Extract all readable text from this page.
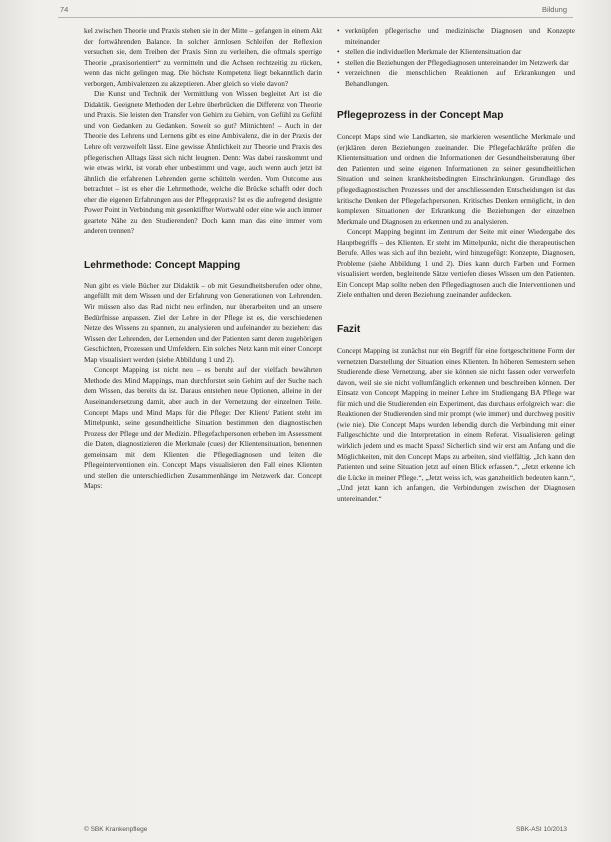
74	Bildung

kel zwischen Theorie und Praxis stehen sie in der Mitte – gefangen in einem Akt der fortwährenden Balance. In solcher ärmlosen Schleifen der Reflexion versuchen sie, dem Treiben der Praxis Sinn zu verleihen, die oftmals sperrige Theorie „praxisorientiert“ zu vermitteln und die Achsen rechtzeitig zu rücken, wenn das nicht gelingen mag. Die höchste Kompetenz liegt bekanntlich darin verborgen, Ambivalenzen zu akzeptieren. Aber gleich so viele davon?

Die Kunst und Technik der Vermittlung von Wissen begleitet Art ist die Didaktik. Geeignete Methoden der Lehre überbrücken die Differenz von Theorie und Praxis. Sie leisten den Transfer von Gehirn zu Gehirn, von Gefühl zu Gefühl und von Gedanken zu Gedanken. Soweit so gut? Mitnichten! – Auch in der Theorie des Lehrens und Lernens gibt es eine Ambivalenz, die in der Praxis der Lehre oft verzweifelt lässt. Eine gewisse Ähnlichkeit zur Theorie und Praxis des pflegerischen Alltags lässt sich nicht leugnen. Denn: Was dabei rauskommt und wie etwas wirkt, ist vorab eher unbestimmt und vage, auch wenn auch jetzt ist ähnlich die erfahrenen Lehrenden gerne schütteln werden. Vom Outcome aus betrachtet – ist es eher die Lehrmethode, welche die Brücke schafft oder doch eher die eigenen Erfahrungen aus der Pflegepraxis? Ist es die aufregend designte Power Point in Verbindung mit gesenktiffter Wortwahl oder eine wie auch immer geartete Nähe zu den Studierenden? Doch kann man das eine immer vom anderen trennen?

Lehrmethode: Concept Mapping

Nun gibt es viele Bücher zur Didaktik – ob mit Gesundheitsberufen oder ohne, angefüllt mit dem Wissen und der Erfahrung von Generationen von Lehrenden. Wir müssen also das Rad nicht neu erfinden, nur überarbeiten und an unsere Bedürfnisse anpassen. Ziel der Lehre in der Pflege ist es, die verschiedenen Netze des Wissens zu spannen, zu analysieren und aufeinander zu beziehen: das Wissen der Lehrenden, der Lernenden und der Patienten samt deren zugehörigen Geschichten, Prozessen und Umfeldern. Ein solches Netz kann mit einer Concept Map visualisiert werden (siehe Abbildung 1 und 2).

Concept Mapping ist nicht neu – es beruht auf der vielfach bewährten Methode des Mind Mappings, man durchforstet sein Gehirn auf der Suche nach dem Wissen, das bereits da ist. Daraus entstehen neue Optionen, alleine in der Auseinandersetzung damit, aber auch in der Vernetzung der einzelnen Teile. Concept Maps und Mind Maps für die Pflege: Der Klient/ Patient steht im Mittelpunkt, seine gesundheitliche Situation bestimmen den diagnostischen Prozess der Pflege und der Medizin. Pflegefachpersonen erheben im Assessment die Daten, diagnostizieren die Merkmale (cues) der Klientensituation, benennen gemeinsam mit dem Klienten die Pflegediagnosen und leiten die Pflegeinterventionen ein. Concept Maps visualisieren den Fall eines Klienten und stellen die unterschiedlichen Zusammenhänge im Netzwerk dar. Concept Maps:

• verknüpfen pflegerische und medizinische Diagnosen und Konzepte miteinander
• stellen die individuellen Merkmale der Klientensituation dar
• stellen die Beziehungen der Pflegediagnosen untereinander im Netzwerk dar
• verzeichnen die menschlichen Reaktionen auf Erkrankungen und Behandlungen.
Pflegeprozess in der Concept Map

Concept Maps sind wie Landkarten, sie markieren wesentliche Merkmale und (er)klären deren Beziehungen zueinander. Die Pflegefachkräfte prüfen die Klientensituation und ordnen die Informationen der Gesundheitsberatung über den Patienten und seine eigenen Informationen zu seiner gesundheitlichen Situation und seinen krankheitsbedingten Einschränkungen. Grundlage des pflegediagnostischen Prozesses und der anschliessenden Entscheidungen ist das kritische Denken der Pflegefachpersonen. Kritisches Denken ermöglicht, in den komplexen Situationen der Erkrankung die Beziehungen der einzelnen Merkmale und Diagnosen zu erkennen und zu analysieren.

Concept Mapping beginnt im Zentrum der Seite mit einer Wiedergabe des Hauptbegriffs – des Klienten. Er steht im Mittelpunkt, nicht die therapeutischen Berufe. Alles was sich auf ihn bezieht, wird hinzugefügt: Konzepte, Diagnosen, Probleme (siehe Abbildung 1 und 2). Dies kann durch Farben und Formen visualisiert werden, begleitende Sätze vertiefen dieses Wissen um den Patienten. Ein Concept Map sollte neben den Pflegediagnosen auch die Interventionen und Ziele enthalten und deren Beziehung zueinander aufdecken.

Fazit

Concept Mapping ist zunächst nur ein Begriff für eine fortgeschrittene Form der vernetzten Darstellung der Situation eines Klienten. In höheren Semestern sehen Studierende diese Vernetzung, aber sie können sie nicht fassen oder verwerfeln davon, weil sie sie nicht vollumfänglich erkennen und beschreiben können. Der Einsatz von Concept Mapping in meiner Lehre im Studiengang BA Pflege war für mich und die Studierenden ein Experiment, das durchaus erfolgreich war: die Reaktionen der Studierenden sind mir prompt (wie immer) und durchweg positiv (wie nie). Die Concept Maps wurden lebendig durch die Verbindung mit einer Fallgeschichte und die Interpretation in einem Referat. Visualisieren gelingt wirklich jedem und es macht Spass! Sicherlich sind wir erst am Anfang und die Möglichkeiten, mit den Concept Maps zu arbeiten, sind vielfältig. „Ich kann den Patienten und seine Situation jetzt auf einen Blick erfassen.“, „Jetzt erkenne ich die Lücke in meiner Pflege.“, „Jetzt weiss ich, was ganzheitlich bedeuten kann.“, „Und jetzt kann ich anfangen, die Verbindungen zwischen der Diagnosen untereinander.“

© SBK Krankenpflege	SBK-ASI 10/2013
